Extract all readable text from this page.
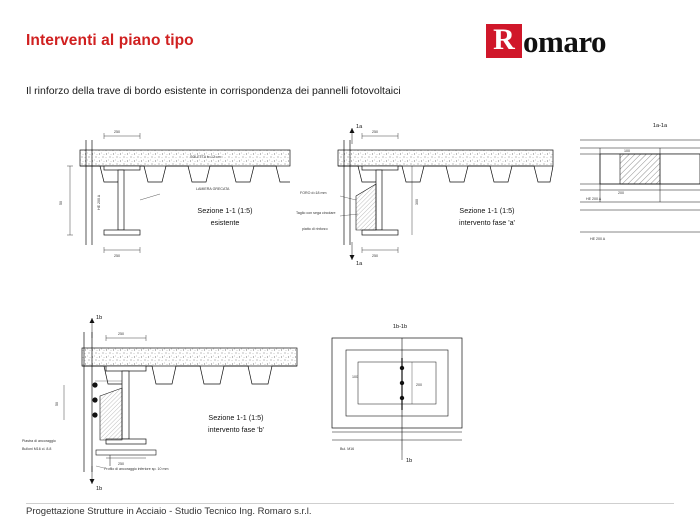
Interventi al piano tipo
Il rinforzo della trave di bordo esistente in corrispondenza dei pannelli fotovoltaici
R omaro
250
50
250
HE 200 A
SOLETTA h=12 cm
LAMIERA GRECATA
Sezione 1-1 (1:5)
esistente
1a
1a
250
250
300
FORO d=18 mm
Taglio con sega circolare
piatto di rinforzo
Sezione 1-1 (1:5)
intervento fase 'a'
1a-1a
100
200
HE 200 A
HE 200 A
1b
1b
250
250
50
Piastra di ancoraggio
Bulloni M16 cl. 8.8
Profilo di ancoraggio inferiore sp. 10 mm
Sezione 1-1 (1:5)
intervento fase 'b'
1b-1b
200
100
Bul. M16
1b
Progettazione Strutture in Acciaio - Studio Tecnico Ing. Romaro s.r.l.
